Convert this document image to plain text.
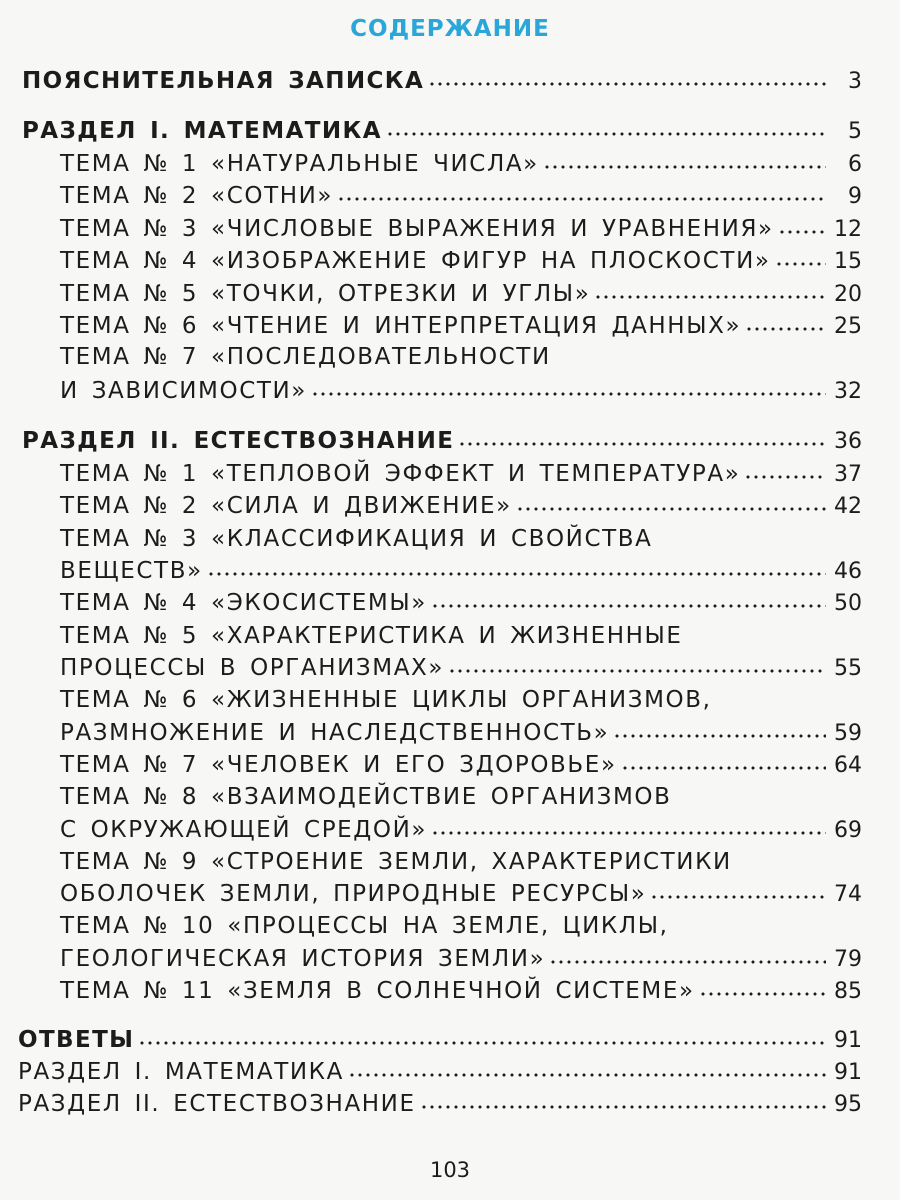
СОДЕРЖАНИЕ
ПОЯСНИТЕЛЬНАЯ ЗАПИСКА	3
РАЗДЕЛ I. МАТЕМАТИКА	5
ТЕМА № 1 «НАТУРАЛЬНЫЕ ЧИСЛА»	6
ТЕМА № 2 «СОТНИ»	9
ТЕМА № 3 «ЧИСЛОВЫЕ ВЫРАЖЕНИЯ И УРАВНЕНИЯ»	12
ТЕМА № 4 «ИЗОБРАЖЕНИЕ ФИГУР НА ПЛОСКОСТИ»	15
ТЕМА № 5 «ТОЧКИ, ОТРЕЗКИ И УГЛЫ»	20
ТЕМА № 6 «ЧТЕНИЕ И ИНТЕРПРЕТАЦИЯ ДАННЫХ»	25
ТЕМА № 7 «ПОСЛЕДОВАТЕЛЬНОСТИ
И ЗАВИСИМОСТИ»	32
РАЗДЕЛ II. ЕСТЕСТВОЗНАНИЕ	36
ТЕМА № 1 «ТЕПЛОВОЙ ЭФФЕКТ И ТЕМПЕРАТУРА»	37
ТЕМА № 2 «СИЛА И ДВИЖЕНИЕ»	42
ТЕМА № 3 «КЛАССИФИКАЦИЯ И СВОЙСТВА
ВЕЩЕСТВ»	46
ТЕМА № 4 «ЭКОСИСТЕМЫ»	50
ТЕМА № 5 «ХАРАКТЕРИСТИКА И ЖИЗНЕННЫЕ
ПРОЦЕССЫ В ОРГАНИЗМАХ»	55
ТЕМА № 6 «ЖИЗНЕННЫЕ ЦИКЛЫ ОРГАНИЗМОВ,
РАЗМНОЖЕНИЕ И НАСЛЕДСТВЕННОСТЬ»	59
ТЕМА № 7 «ЧЕЛОВЕК И ЕГО ЗДОРОВЬЕ»	64
ТЕМА № 8 «ВЗАИМОДЕЙСТВИЕ ОРГАНИЗМОВ
С ОКРУЖАЮЩЕЙ СРЕДОЙ»	69
ТЕМА № 9 «СТРОЕНИЕ ЗЕМЛИ, ХАРАКТЕРИСТИКИ
ОБОЛОЧЕК ЗЕМЛИ, ПРИРОДНЫЕ РЕСУРСЫ»	74
ТЕМА № 10 «ПРОЦЕССЫ НА ЗЕМЛЕ, ЦИКЛЫ,
ГЕОЛОГИЧЕСКАЯ ИСТОРИЯ ЗЕМЛИ»	79
ТЕМА № 11 «ЗЕМЛЯ В СОЛНЕЧНОЙ СИСТЕМЕ»	85
ОТВЕТЫ	91
РАЗДЕЛ I. МАТЕМАТИКА	91
РАЗДЕЛ II. ЕСТЕСТВОЗНАНИЕ	95
103
